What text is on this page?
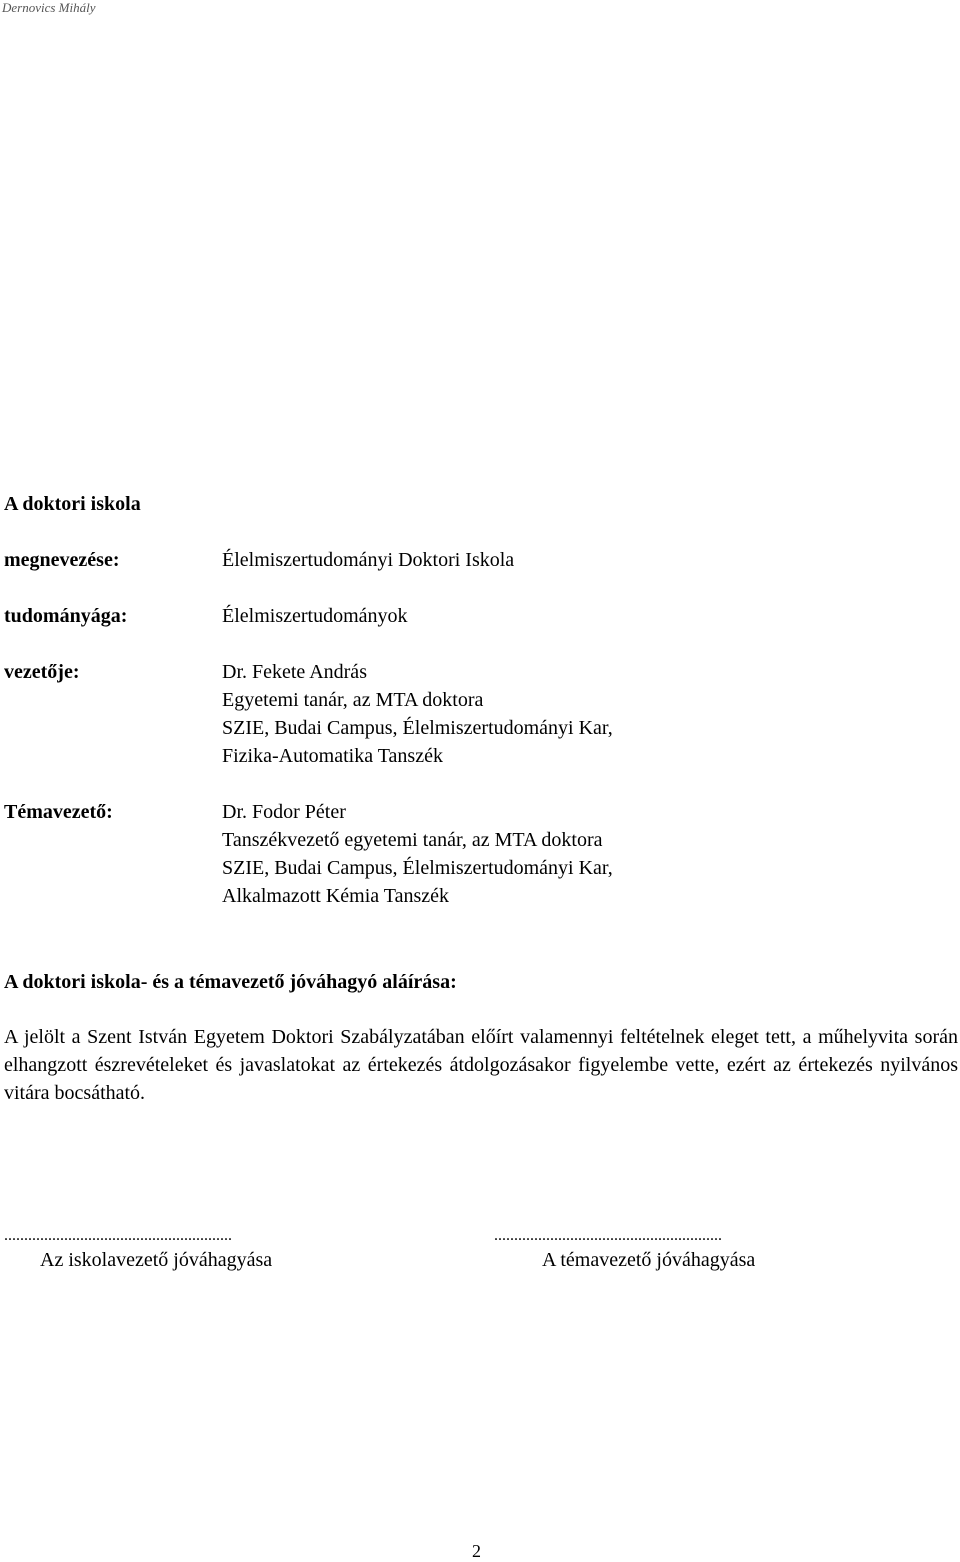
Dernovics Mihály
A doktori iskola
megnevezése:	Élelmiszertudományi Doktori Iskola
tudományága:	Élelmiszertudományok
vezetője:	Dr. Fekete András
Egyetemi tanár, az MTA doktora
SZIE, Budai Campus, Élelmiszertudományi Kar,
Fizika-Automatika Tanszék
Témavezető:	Dr. Fodor Péter
Tanszékvezető egyetemi tanár, az MTA doktora
SZIE, Budai Campus, Élelmiszertudományi Kar,
Alkalmazott Kémia Tanszék
A doktori iskola- és a témavezető jóváhagyó aláírása:
A jelölt a Szent István Egyetem Doktori Szabályzatában előírt valamennyi feltételnek eleget tett, a műhelyvita során elhangzott észrevételeket és javaslatokat az értekezés átdolgozásakor figyelembe vette, ezért az értekezés nyilvános vitára bocsátható.
.........................................................
Az iskolavezető jóváhagyása
.........................................................
A témavezető jóváhagyása
2
